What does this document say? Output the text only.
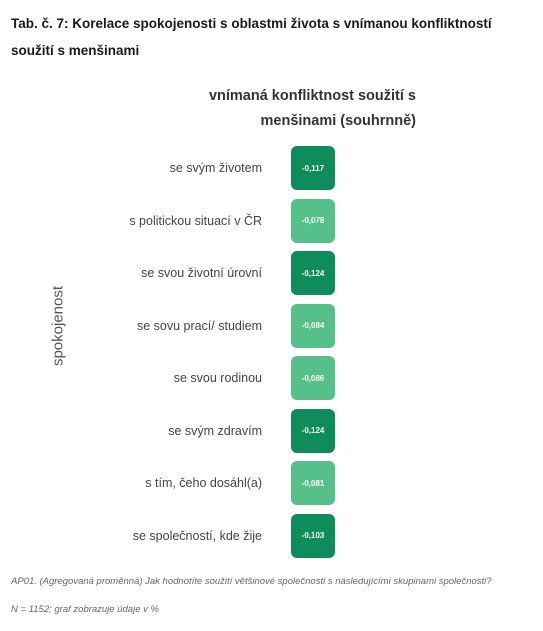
Tab. č. 7: Korelace spokojenosti s oblastmi života s vnímanou konfliktností soužití s menšinami
vnímaná konfliktnost soužití s menšinami (souhrnně)
spokojenost
se svým životem	-0,117
s politickou situací v ČR	-0,078
se svou životní úrovní	-0,124
se sovu prací/ studiem	-0,084
se svou rodinou	-0,086
se svým zdravím	-0,124
s tím, čeho dosáhl(a)	-0,081
se společností, kde žije	-0,103
AP01. (Agregovaná proměnná) Jak hodnotíte soužití většinové společnosti s následujícími skupinami společnosti?
N = 1152; graf zobrazuje údaje v %
